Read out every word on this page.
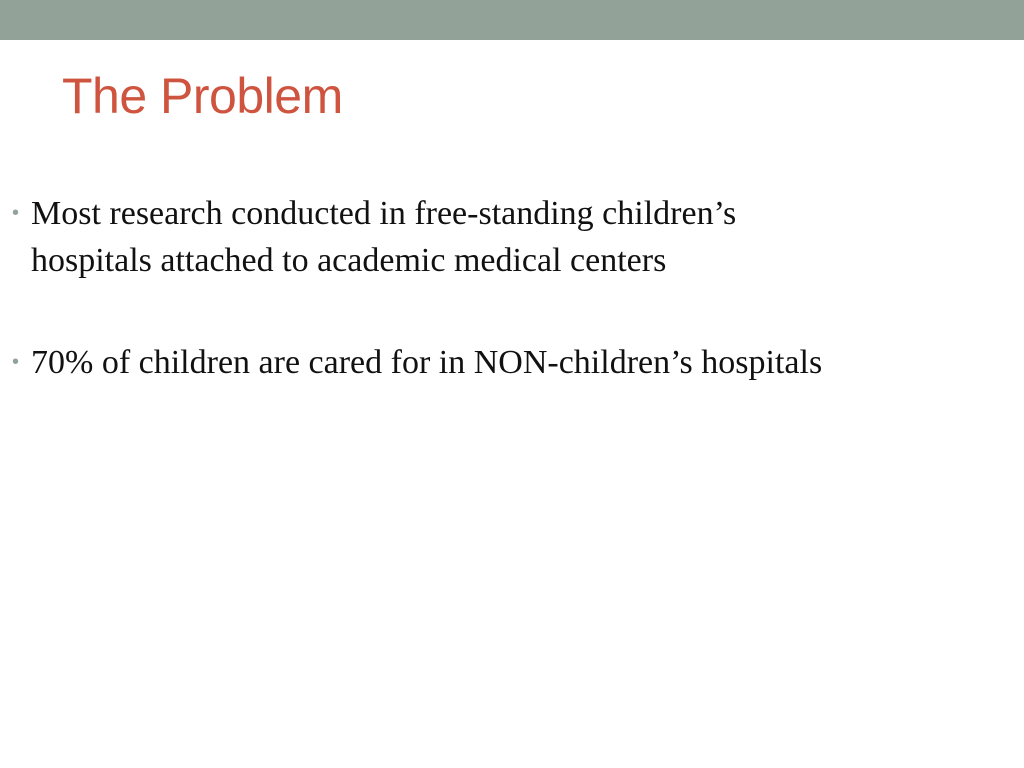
The Problem
• Most research conducted in free-standing children’s hospitals attached to academic medical centers
• 70% of children are cared for in NON-children’s hospitals
